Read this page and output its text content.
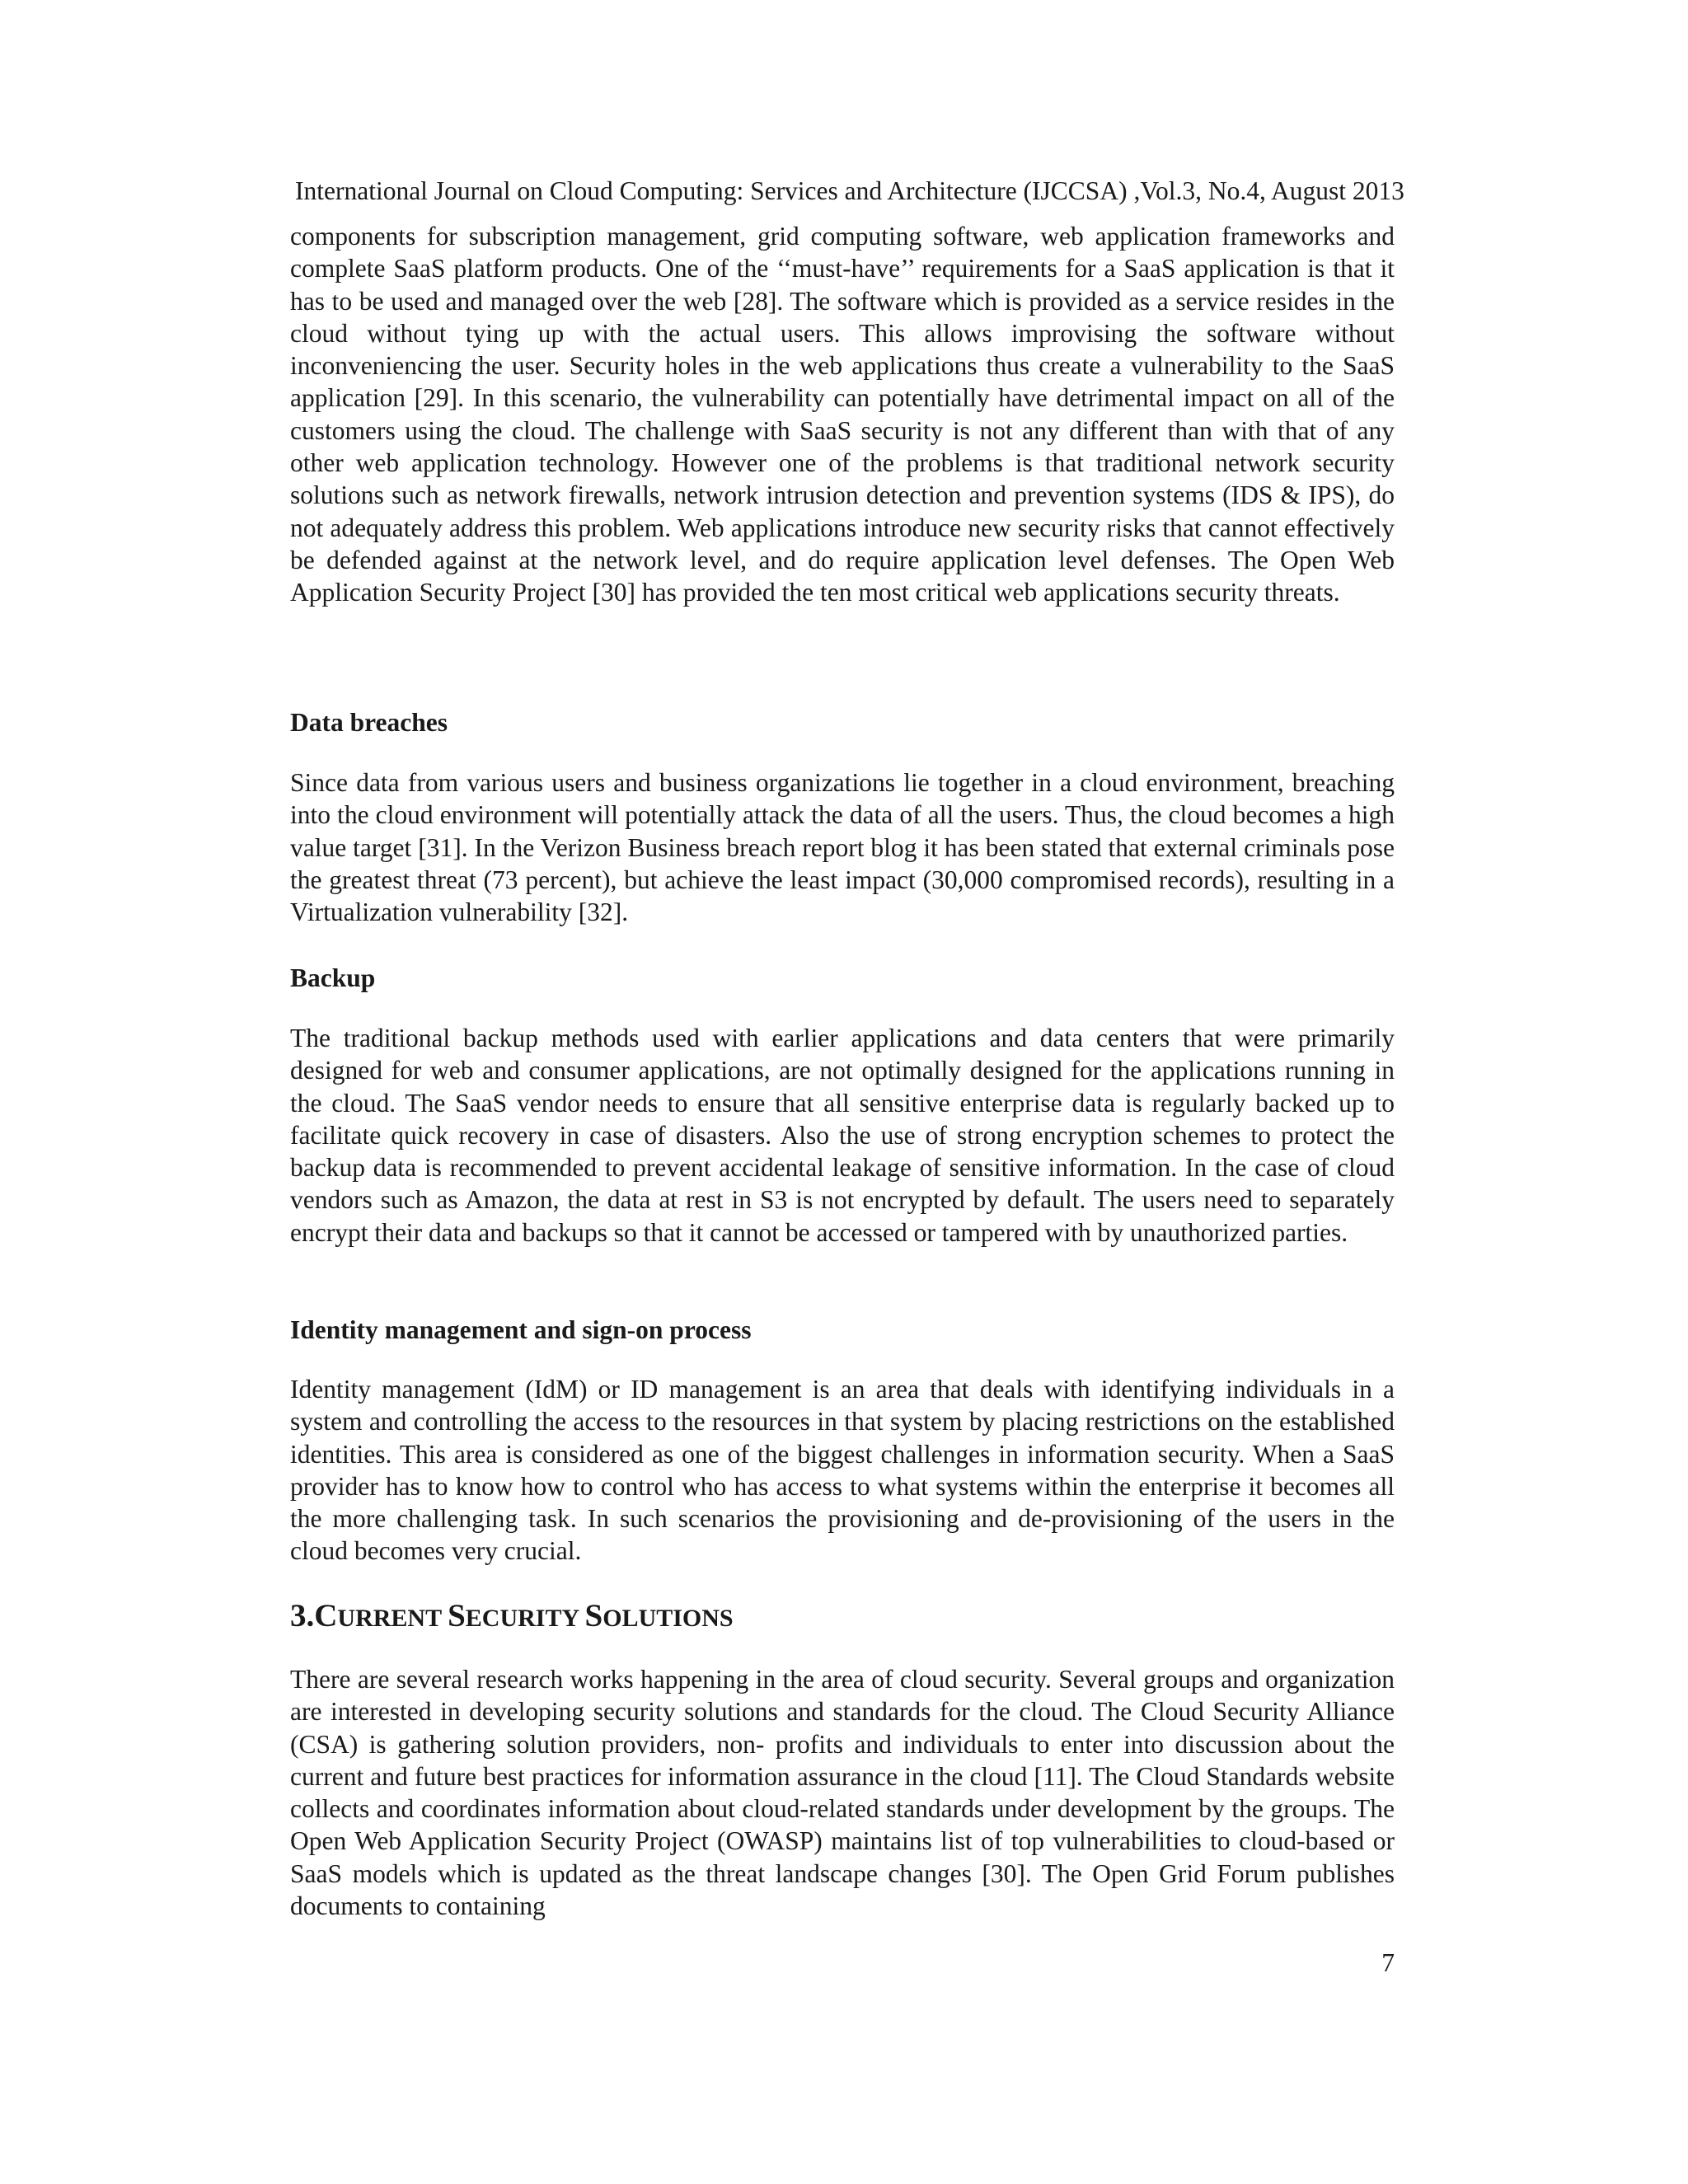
International Journal on Cloud Computing: Services and Architecture (IJCCSA) ,Vol.3, No.4, August 2013

components for subscription management, grid computing software, web application frameworks and complete SaaS platform products. One of the ‘‘must-have’’ requirements for a SaaS application is that it has to be used and managed over the web [28]. The software which is provided as a service resides in the cloud without tying up with the actual users. This allows improvising the software without inconveniencing the user. Security holes in the web applications thus create a vulnerability to the SaaS application [29]. In this scenario, the vulnerability can potentially have detrimental impact on all of the customers using the cloud. The challenge with SaaS security is not any different than with that of any other web application technology. However one of the problems is that traditional network security solutions such as network firewalls, network intrusion detection and prevention systems (IDS & IPS), do not adequately address this problem. Web applications introduce new security risks that cannot effectively be defended against at the network level, and do require application level defenses. The Open Web Application Security Project [30] has provided the ten most critical web applications security threats.

Data breaches

Since data from various users and business organizations lie together in a cloud environment, breaching into the cloud environment will potentially attack the data of all the users. Thus, the cloud becomes a high value target [31]. In the Verizon Business breach report blog it has been stated that external criminals pose the greatest threat (73 percent), but achieve the least impact (30,000 compromised records), resulting in a Virtualization vulnerability [32].

Backup

The traditional backup methods used with earlier applications and data centers that were primarily designed for web and consumer applications, are not optimally designed for the applications running in the cloud. The SaaS vendor needs to ensure that all sensitive enterprise data is regularly backed up to facilitate quick recovery in case of disasters. Also the use of strong encryption schemes to protect the backup data is recommended to prevent accidental leakage of sensitive information. In the case of cloud vendors such as Amazon, the data at rest in S3 is not encrypted by default. The users need to separately encrypt their data and backups so that it cannot be accessed or tampered with by unauthorized parties.

Identity management and sign-on process

Identity management (IdM) or ID management is an area that deals with identifying individuals in a system and controlling the access to the resources in that system by placing restrictions on the established identities. This area is considered as one of the biggest challenges in information security. When a SaaS provider has to know how to control who has access to what systems within the enterprise it becomes all the more challenging task. In such scenarios the provisioning and de-provisioning of the users in the cloud becomes very crucial.

3.CURRENT SECURITY SOLUTIONS

There are several research works happening in the area of cloud security. Several groups and organization are interested in developing security solutions and standards for the cloud. The Cloud Security Alliance (CSA) is gathering solution providers, non- profits and individuals to enter into discussion about the current and future best practices for information assurance in the cloud [11]. The Cloud Standards website collects and coordinates information about cloud-related standards under development by the groups. The Open Web Application Security Project (OWASP) maintains list of top vulnerabilities to cloud-based or SaaS models which is updated as the threat landscape changes [30]. The Open Grid Forum publishes documents to containing

7
